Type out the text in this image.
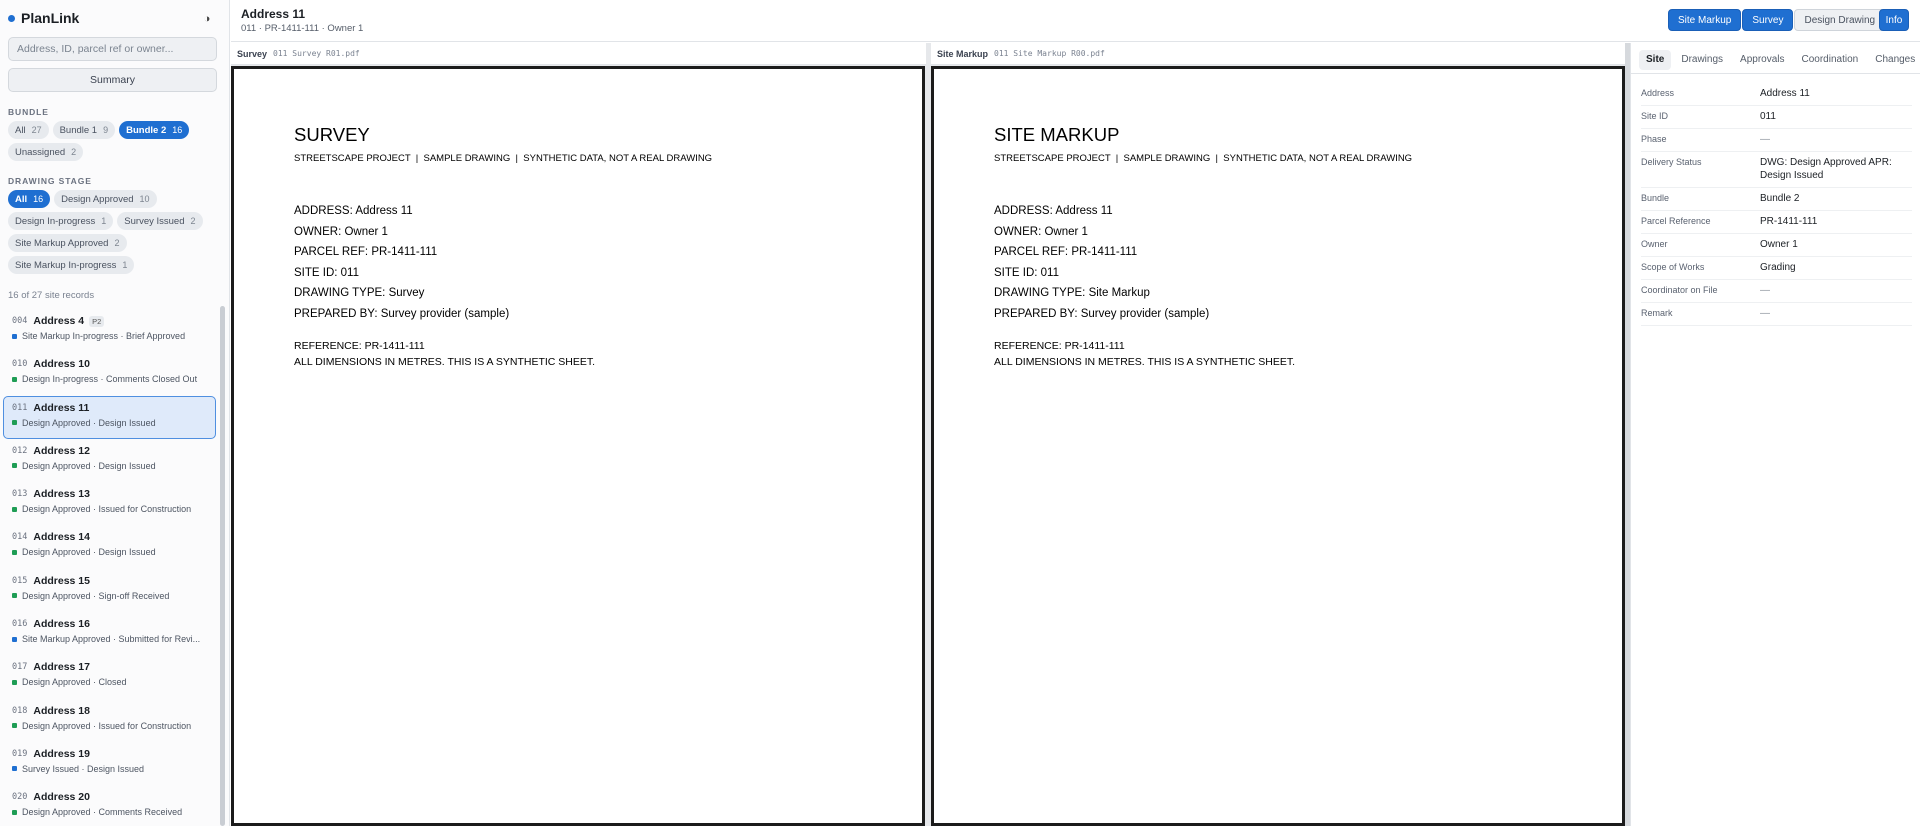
PlanLink	◑
Address, ID, parcel ref or owner...
Summary
BUNDLE
All 27 Bundle 1 9 Bundle 2 16
Unassigned 2
DRAWING STAGE
All 16 Design Approved 10
Design In-progress 1 Survey Issued 2
Site Markup Approved 2
Site Markup In-progress 1
16 of 27 site records
004 Address 4	P2
Site Markup In-progress · Brief Approved
010 Address 10
Design In-progress · Comments Closed Out
011 Address 11
Design Approved · Design Issued
012 Address 12
Design Approved · Design Issued
013 Address 13
Design Approved · Issued for Construction
014 Address 14
Design Approved · Design Issued
015 Address 15
Design Approved · Sign-off Received
016 Address 16
Site Markup Approved · Submitted for Revi...
017 Address 17
Design Approved · Closed
018 Address 18
Design Approved · Issued for Construction
019 Address 19
Survey Issued · Design Issued
020 Address 20
Design Approved · Comments Received
Address 11
011 · PR-1411-111 · Owner 1
Site Markup	Survey	Design Drawing	Info
Survey 011 Survey R01.pdf
SURVEY
STREETSCAPE PROJECT  |  SAMPLE DRAWING  |  SYNTHETIC DATA, NOT A REAL DRAWING
ADDRESS: Address 11
OWNER: Owner 1
PARCEL REF: PR-1411-111
SITE ID: 011
DRAWING TYPE: Survey
PREPARED BY: Survey provider (sample)
REFERENCE: PR-1411-111
ALL DIMENSIONS IN METRES. THIS IS A SYNTHETIC SHEET.
Site Markup 011 Site Markup R00.pdf
SITE MARKUP
STREETSCAPE PROJECT  |  SAMPLE DRAWING  |  SYNTHETIC DATA, NOT A REAL DRAWING
ADDRESS: Address 11
OWNER: Owner 1
PARCEL REF: PR-1411-111
SITE ID: 011
DRAWING TYPE: Site Markup
PREPARED BY: Survey provider (sample)
REFERENCE: PR-1411-111
ALL DIMENSIONS IN METRES. THIS IS A SYNTHETIC SHEET.
Site	Drawings	Approvals	Coordination	Changes
Address	Address 11
Site ID	011
Phase	—
Delivery Status	DWG: Design Approved APR: Design Issued
Bundle	Bundle 2
Parcel Reference	PR-1411-111
Owner	Owner 1
Scope of Works	Grading
Coordinator on File	—
Remark	—
